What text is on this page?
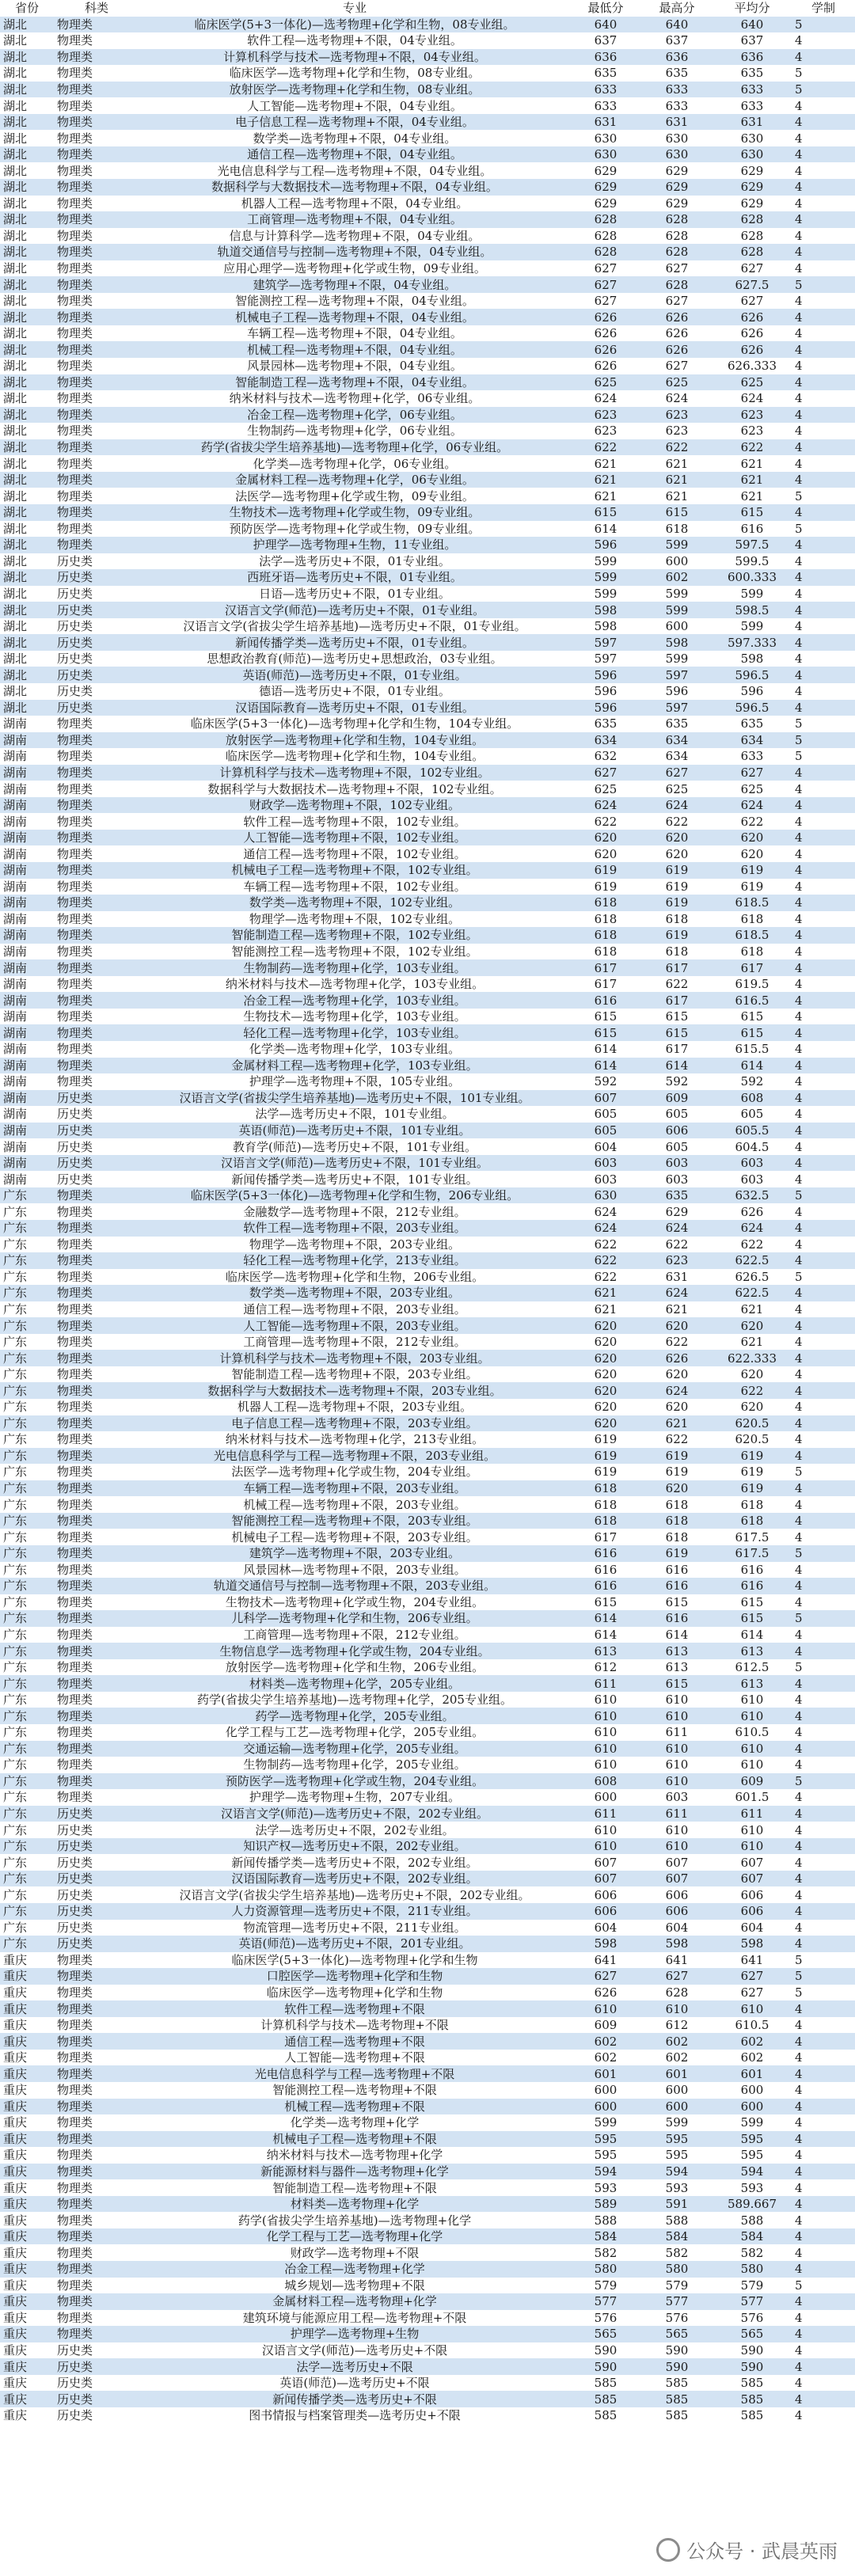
省份	科类	专业	最低分	最高分	平均分	学制
湖北	物理类	临床医学(5+3一体化)—选考物理+化学和生物，08专业组。	640	640	640	5
湖北	物理类	软件工程—选考物理+不限，04专业组。	637	637	637	4
湖北	物理类	计算机科学与技术—选考物理+不限，04专业组。	636	636	636	4
湖北	物理类	临床医学—选考物理+化学和生物，08专业组。	635	635	635	5
湖北	物理类	放射医学—选考物理+化学和生物，08专业组。	633	633	633	5
湖北	物理类	人工智能—选考物理+不限，04专业组。	633	633	633	4
湖北	物理类	电子信息工程—选考物理+不限，04专业组。	631	631	631	4
湖北	物理类	数学类—选考物理+不限，04专业组。	630	630	630	4
湖北	物理类	通信工程—选考物理+不限，04专业组。	630	630	630	4
湖北	物理类	光电信息科学与工程—选考物理+不限，04专业组。	629	629	629	4
湖北	物理类	数据科学与大数据技术—选考物理+不限，04专业组。	629	629	629	4
湖北	物理类	机器人工程—选考物理+不限，04专业组。	629	629	629	4
湖北	物理类	工商管理—选考物理+不限，04专业组。	628	628	628	4
湖北	物理类	信息与计算科学—选考物理+不限，04专业组。	628	628	628	4
湖北	物理类	轨道交通信号与控制—选考物理+不限，04专业组。	628	628	628	4
湖北	物理类	应用心理学—选考物理+化学或生物，09专业组。	627	627	627	4
湖北	物理类	建筑学—选考物理+不限，04专业组。	627	628	627.5	5
湖北	物理类	智能测控工程—选考物理+不限，04专业组。	627	627	627	4
湖北	物理类	机械电子工程—选考物理+不限，04专业组。	626	626	626	4
湖北	物理类	车辆工程—选考物理+不限，04专业组。	626	626	626	4
湖北	物理类	机械工程—选考物理+不限，04专业组。	626	626	626	4
湖北	物理类	风景园林—选考物理+不限，04专业组。	626	627	626.333	4
湖北	物理类	智能制造工程—选考物理+不限，04专业组。	625	625	625	4
湖北	物理类	纳米材料与技术—选考物理+化学，06专业组。	624	624	624	4
湖北	物理类	冶金工程—选考物理+化学，06专业组。	623	623	623	4
湖北	物理类	生物制药—选考物理+化学，06专业组。	623	623	623	4
湖北	物理类	药学(省拔尖学生培养基地)—选考物理+化学，06专业组。	622	622	622	4
湖北	物理类	化学类—选考物理+化学，06专业组。	621	621	621	4
湖北	物理类	金属材料工程—选考物理+化学，06专业组。	621	621	621	4
湖北	物理类	法医学—选考物理+化学或生物，09专业组。	621	621	621	5
湖北	物理类	生物技术—选考物理+化学或生物，09专业组。	615	615	615	4
湖北	物理类	预防医学—选考物理+化学或生物，09专业组。	614	618	616	5
湖北	物理类	护理学—选考物理+生物，11专业组。	596	599	597.5	4
湖北	历史类	法学—选考历史+不限，01专业组。	599	600	599.5	4
湖北	历史类	西班牙语—选考历史+不限，01专业组。	599	602	600.333	4
湖北	历史类	日语—选考历史+不限，01专业组。	599	599	599	4
湖北	历史类	汉语言文学(师范)—选考历史+不限，01专业组。	598	599	598.5	4
湖北	历史类	汉语言文学(省拔尖学生培养基地)—选考历史+不限，01专业组。	598	600	599	4
湖北	历史类	新闻传播学类—选考历史+不限，01专业组。	597	598	597.333	4
湖北	历史类	思想政治教育(师范)—选考历史+思想政治，03专业组。	597	599	598	4
湖北	历史类	英语(师范)—选考历史+不限，01专业组。	596	597	596.5	4
湖北	历史类	德语—选考历史+不限，01专业组。	596	596	596	4
湖北	历史类	汉语国际教育—选考历史+不限，01专业组。	596	597	596.5	4
湖南	物理类	临床医学(5+3一体化)—选考物理+化学和生物，104专业组。	635	635	635	5
湖南	物理类	放射医学—选考物理+化学和生物，104专业组。	634	634	634	5
湖南	物理类	临床医学—选考物理+化学和生物，104专业组。	632	634	633	5
湖南	物理类	计算机科学与技术—选考物理+不限，102专业组。	627	627	627	4
湖南	物理类	数据科学与大数据技术—选考物理+不限，102专业组。	625	625	625	4
湖南	物理类	财政学—选考物理+不限，102专业组。	624	624	624	4
湖南	物理类	软件工程—选考物理+不限，102专业组。	622	622	622	4
湖南	物理类	人工智能—选考物理+不限，102专业组。	620	620	620	4
湖南	物理类	通信工程—选考物理+不限，102专业组。	620	620	620	4
湖南	物理类	机械电子工程—选考物理+不限，102专业组。	619	619	619	4
湖南	物理类	车辆工程—选考物理+不限，102专业组。	619	619	619	4
湖南	物理类	数学类—选考物理+不限，102专业组。	618	619	618.5	4
湖南	物理类	物理学—选考物理+不限，102专业组。	618	618	618	4
湖南	物理类	智能制造工程—选考物理+不限，102专业组。	618	619	618.5	4
湖南	物理类	智能测控工程—选考物理+不限，102专业组。	618	618	618	4
湖南	物理类	生物制药—选考物理+化学，103专业组。	617	617	617	4
湖南	物理类	纳米材料与技术—选考物理+化学，103专业组。	617	622	619.5	4
湖南	物理类	冶金工程—选考物理+化学，103专业组。	616	617	616.5	4
湖南	物理类	生物技术—选考物理+化学，103专业组。	615	615	615	4
湖南	物理类	轻化工程—选考物理+化学，103专业组。	615	615	615	4
湖南	物理类	化学类—选考物理+化学，103专业组。	614	617	615.5	4
湖南	物理类	金属材料工程—选考物理+化学，103专业组。	614	614	614	4
湖南	物理类	护理学—选考物理+不限，105专业组。	592	592	592	4
湖南	历史类	汉语言文学(省拔尖学生培养基地)—选考历史+不限，101专业组。	607	609	608	4
湖南	历史类	法学—选考历史+不限，101专业组。	605	605	605	4
湖南	历史类	英语(师范)—选考历史+不限，101专业组。	605	606	605.5	4
湖南	历史类	教育学(师范)—选考历史+不限，101专业组。	604	605	604.5	4
湖南	历史类	汉语言文学(师范)—选考历史+不限，101专业组。	603	603	603	4
湖南	历史类	新闻传播学类—选考历史+不限，101专业组。	603	603	603	4
广东	物理类	临床医学(5+3一体化)—选考物理+化学和生物，206专业组。	630	635	632.5	5
广东	物理类	金融数学—选考物理+不限，212专业组。	624	629	626	4
广东	物理类	软件工程—选考物理+不限，203专业组。	624	624	624	4
广东	物理类	物理学—选考物理+不限，203专业组。	622	622	622	4
广东	物理类	轻化工程—选考物理+化学，213专业组。	622	623	622.5	4
广东	物理类	临床医学—选考物理+化学和生物，206专业组。	622	631	626.5	5
广东	物理类	数学类—选考物理+不限，203专业组。	621	624	622.5	4
广东	物理类	通信工程—选考物理+不限，203专业组。	621	621	621	4
广东	物理类	人工智能—选考物理+不限，203专业组。	620	620	620	4
广东	物理类	工商管理—选考物理+不限，212专业组。	620	622	621	4
广东	物理类	计算机科学与技术—选考物理+不限，203专业组。	620	626	622.333	4
广东	物理类	智能制造工程—选考物理+不限，203专业组。	620	620	620	4
广东	物理类	数据科学与大数据技术—选考物理+不限，203专业组。	620	624	622	4
广东	物理类	机器人工程—选考物理+不限，203专业组。	620	620	620	4
广东	物理类	电子信息工程—选考物理+不限，203专业组。	620	621	620.5	4
广东	物理类	纳米材料与技术—选考物理+化学，213专业组。	619	622	620.5	4
广东	物理类	光电信息科学与工程—选考物理+不限，203专业组。	619	619	619	4
广东	物理类	法医学—选考物理+化学或生物，204专业组。	619	619	619	5
广东	物理类	车辆工程—选考物理+不限，203专业组。	618	620	619	4
广东	物理类	机械工程—选考物理+不限，203专业组。	618	618	618	4
广东	物理类	智能测控工程—选考物理+不限，203专业组。	618	618	618	4
广东	物理类	机械电子工程—选考物理+不限，203专业组。	617	618	617.5	4
广东	物理类	建筑学—选考物理+不限，203专业组。	616	619	617.5	5
广东	物理类	风景园林—选考物理+不限，203专业组。	616	616	616	4
广东	物理类	轨道交通信号与控制—选考物理+不限，203专业组。	616	616	616	4
广东	物理类	生物技术—选考物理+化学或生物，204专业组。	615	615	615	4
广东	物理类	儿科学—选考物理+化学和生物，206专业组。	614	616	615	5
广东	物理类	工商管理—选考物理+不限，212专业组。	614	614	614	4
广东	物理类	生物信息学—选考物理+化学或生物，204专业组。	613	613	613	4
广东	物理类	放射医学—选考物理+化学和生物，206专业组。	612	613	612.5	5
广东	物理类	材料类—选考物理+化学，205专业组。	611	615	613	4
广东	物理类	药学(省拔尖学生培养基地)—选考物理+化学，205专业组。	610	610	610	4
广东	物理类	药学—选考物理+化学，205专业组。	610	610	610	4
广东	物理类	化学工程与工艺—选考物理+化学，205专业组。	610	611	610.5	4
广东	物理类	交通运输—选考物理+化学，205专业组。	610	610	610	4
广东	物理类	生物制药—选考物理+化学，205专业组。	610	610	610	4
广东	物理类	预防医学—选考物理+化学或生物，204专业组。	608	610	609	5
广东	物理类	护理学—选考物理+生物，207专业组。	600	603	601.5	4
广东	历史类	汉语言文学(师范)—选考历史+不限，202专业组。	611	611	611	4
广东	历史类	法学—选考历史+不限，202专业组。	610	610	610	4
广东	历史类	知识产权—选考历史+不限，202专业组。	610	610	610	4
广东	历史类	新闻传播学类—选考历史+不限，202专业组。	607	607	607	4
广东	历史类	汉语国际教育—选考历史+不限，202专业组。	607	607	607	4
广东	历史类	汉语言文学(省拔尖学生培养基地)—选考历史+不限，202专业组。	606	606	606	4
广东	历史类	人力资源管理—选考历史+不限，211专业组。	606	606	606	4
广东	历史类	物流管理—选考历史+不限，211专业组。	604	604	604	4
广东	历史类	英语(师范)—选考历史+不限，201专业组。	598	598	598	4
重庆	物理类	临床医学(5+3一体化)—选考物理+化学和生物	641	641	641	5
重庆	物理类	口腔医学—选考物理+化学和生物	627	627	627	5
重庆	物理类	临床医学—选考物理+化学和生物	626	628	627	5
重庆	物理类	软件工程—选考物理+不限	610	610	610	4
重庆	物理类	计算机科学与技术—选考物理+不限	609	612	610.5	4
重庆	物理类	通信工程—选考物理+不限	602	602	602	4
重庆	物理类	人工智能—选考物理+不限	602	602	602	4
重庆	物理类	光电信息科学与工程—选考物理+不限	601	601	601	4
重庆	物理类	智能测控工程—选考物理+不限	600	600	600	4
重庆	物理类	机械工程—选考物理+不限	600	600	600	4
重庆	物理类	化学类—选考物理+化学	599	599	599	4
重庆	物理类	机械电子工程—选考物理+不限	595	595	595	4
重庆	物理类	纳米材料与技术—选考物理+化学	595	595	595	4
重庆	物理类	新能源材料与器件—选考物理+化学	594	594	594	4
重庆	物理类	智能制造工程—选考物理+不限	593	593	593	4
重庆	物理类	材料类—选考物理+化学	589	591	589.667	4
重庆	物理类	药学(省拔尖学生培养基地)—选考物理+化学	588	588	588	4
重庆	物理类	化学工程与工艺—选考物理+化学	584	584	584	4
重庆	物理类	财政学—选考物理+不限	582	582	582	4
重庆	物理类	冶金工程—选考物理+化学	580	580	580	4
重庆	物理类	城乡规划—选考物理+不限	579	579	579	5
重庆	物理类	金属材料工程—选考物理+化学	577	577	577	4
重庆	物理类	建筑环境与能源应用工程—选考物理+不限	576	576	576	4
重庆	物理类	护理学—选考物理+生物	565	565	565	4
重庆	历史类	汉语言文学(师范)—选考历史+不限	590	590	590	4
重庆	历史类	法学—选考历史+不限	590	590	590	4
重庆	历史类	英语(师范)—选考历史+不限	585	585	585	4
重庆	历史类	新闻传播学类—选考历史+不限	585	585	585	4
重庆	历史类	图书情报与档案管理类—选考历史+不限	585	585	585	4
公众号 · 武晨英雨
